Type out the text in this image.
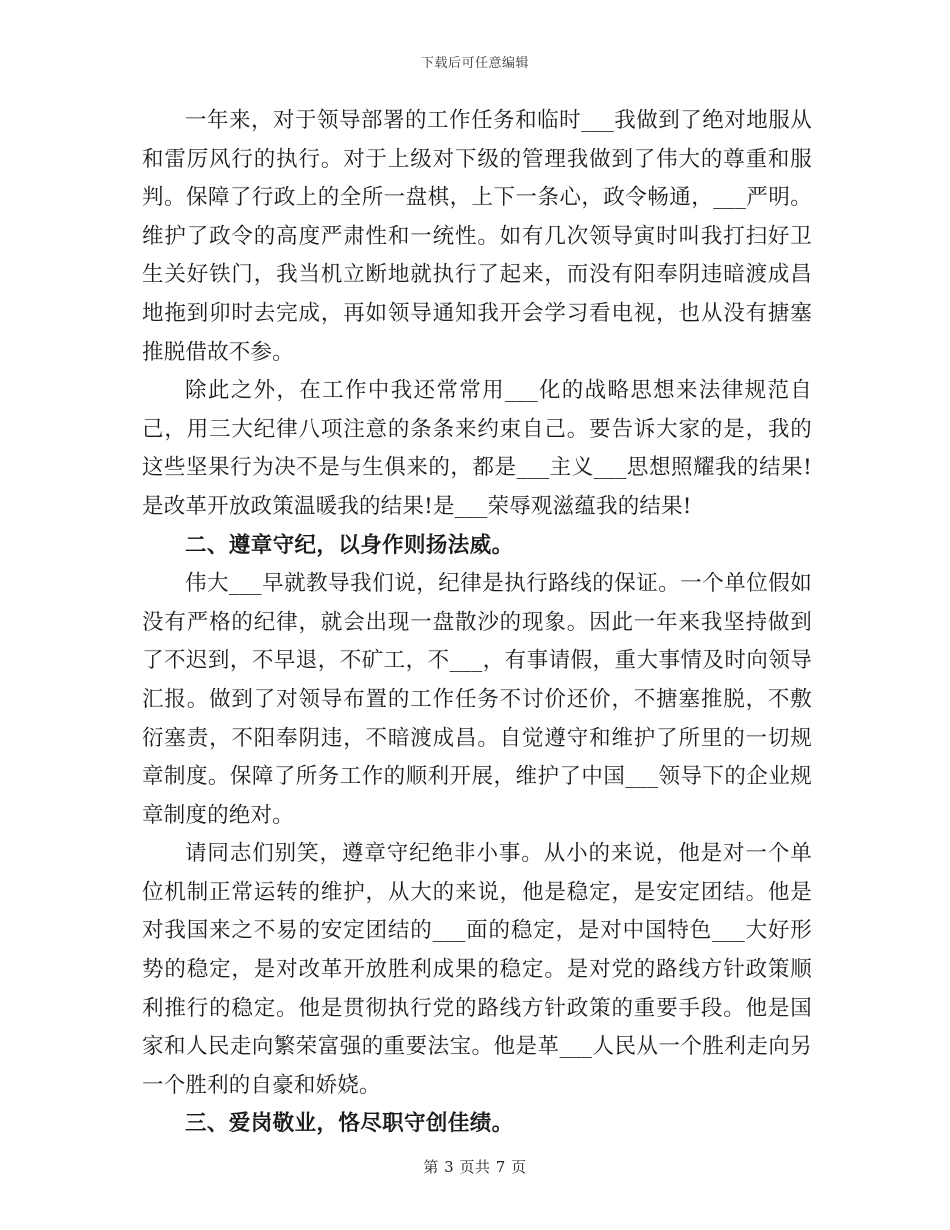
下载后可任意编辑

一年来，对于领导部署的工作任务和临时___我做到了绝对地服从和雷厉风行的执行。对于上级对下级的管理我做到了伟大的尊重和服判。保障了行政上的全所一盘棋，上下一条心，政令畅通，___严明。维护了政令的高度严肃性和一统性。如有几次领导寅时叫我打扫好卫生关好铁门，我当机立断地就执行了起来，而没有阳奉阴违暗渡成昌地拖到卯时去完成，再如领导通知我开会学习看电视，也从没有搪塞推脱借故不参。

除此之外，在工作中我还常常用___化的战略思想来法律规范自己，用三大纪律八项注意的条条来约束自己。要告诉大家的是，我的这些坚果行为决不是与生俱来的，都是___主义___思想照耀我的结果!是改革开放政策温暖我的结果!是___荣辱观滋蕴我的结果!

二、遵章守纪，以身作则扬法威。

伟大___早就教导我们说，纪律是执行路线的保证。一个单位假如没有严格的纪律，就会出现一盘散沙的现象。因此一年来我坚持做到了不迟到，不早退，不矿工，不___，有事请假，重大事情及时向领导汇报。做到了对领导布置的工作任务不讨价还价，不搪塞推脱，不敷衍塞责，不阳奉阴违，不暗渡成昌。自觉遵守和维护了所里的一切规章制度。保障了所务工作的顺利开展，维护了中国___领导下的企业规章制度的绝对。

请同志们别笑，遵章守纪绝非小事。从小的来说，他是对一个单位机制正常运转的维护，从大的来说，他是稳定，是安定团结。他是对我国来之不易的安定团结的___面的稳定，是对中国特色___大好形势的稳定，是对改革开放胜利成果的稳定。是对党的路线方针政策顺利推行的稳定。他是贯彻执行党的路线方针政策的重要手段。他是国家和人民走向繁荣富强的重要法宝。他是革___人民从一个胜利走向另一个胜利的自豪和娇娆。

三、爱岗敬业，恪尽职守创佳绩。

第 3 页共 7 页
